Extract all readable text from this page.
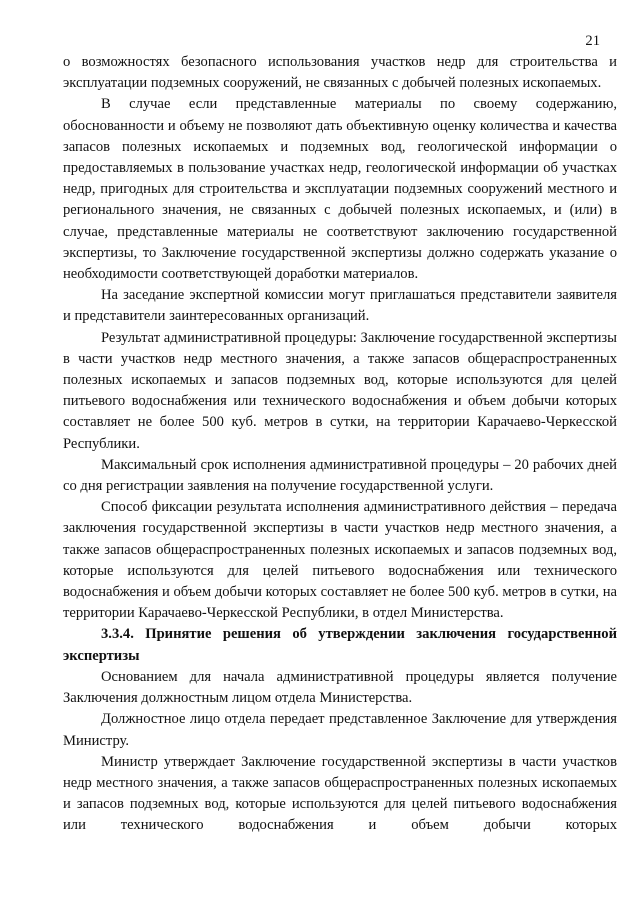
21

о возможностях безопасного использования участков недр для строительства и эксплуатации подземных сооружений, не связанных с добычей полезных ископаемых.

В случае если представленные материалы по своему содержанию, обоснованности и объему не позволяют дать объективную оценку количества и качества запасов полезных ископаемых и подземных вод, геологической информации о предоставляемых в пользование участках недр, геологической информации об участках недр, пригодных для строительства и эксплуатации подземных сооружений местного и регионального значения, не связанных с добычей полезных ископаемых, и (или) в случае, представленные материалы не соответствуют заключению государственной экспертизы, то Заключение государственной экспертизы должно содержать указание о необходимости соответствующей доработки материалов.

На заседание экспертной комиссии могут приглашаться представители заявителя и представители заинтересованных организаций.

Результат административной процедуры: Заключение государственной экспертизы в части участков недр местного значения, а также запасов общераспространенных полезных ископаемых и запасов подземных вод, которые используются для целей питьевого водоснабжения или технического водоснабжения и объем добычи которых составляет не более 500 куб. метров в сутки, на территории Карачаево-Черкесской Республики.

Максимальный срок исполнения административной процедуры – 20 рабочих дней со дня регистрации заявления на получение государственной услуги.

Способ фиксации результата исполнения административного действия – передача заключения государственной экспертизы в части участков недр местного значения, а также запасов общераспространенных полезных ископаемых и запасов подземных вод, которые используются для целей питьевого водоснабжения или технического водоснабжения и объем добычи которых составляет не более 500 куб. метров в сутки, на территории Карачаево-Черкесской Республики, в отдел Министерства.

3.3.4. Принятие решения об утверждении заключения государственной экспертизы

Основанием для начала административной процедуры является получение Заключения должностным лицом отдела Министерства.

Должностное лицо отдела передает представленное Заключение для утверждения Министру.

Министр утверждает Заключение государственной экспертизы в части участков недр местного значения, а также запасов общераспространенных полезных ископаемых и запасов подземных вод, которые используются для целей питьевого водоснабжения или технического водоснабжения и объем добычи которых
